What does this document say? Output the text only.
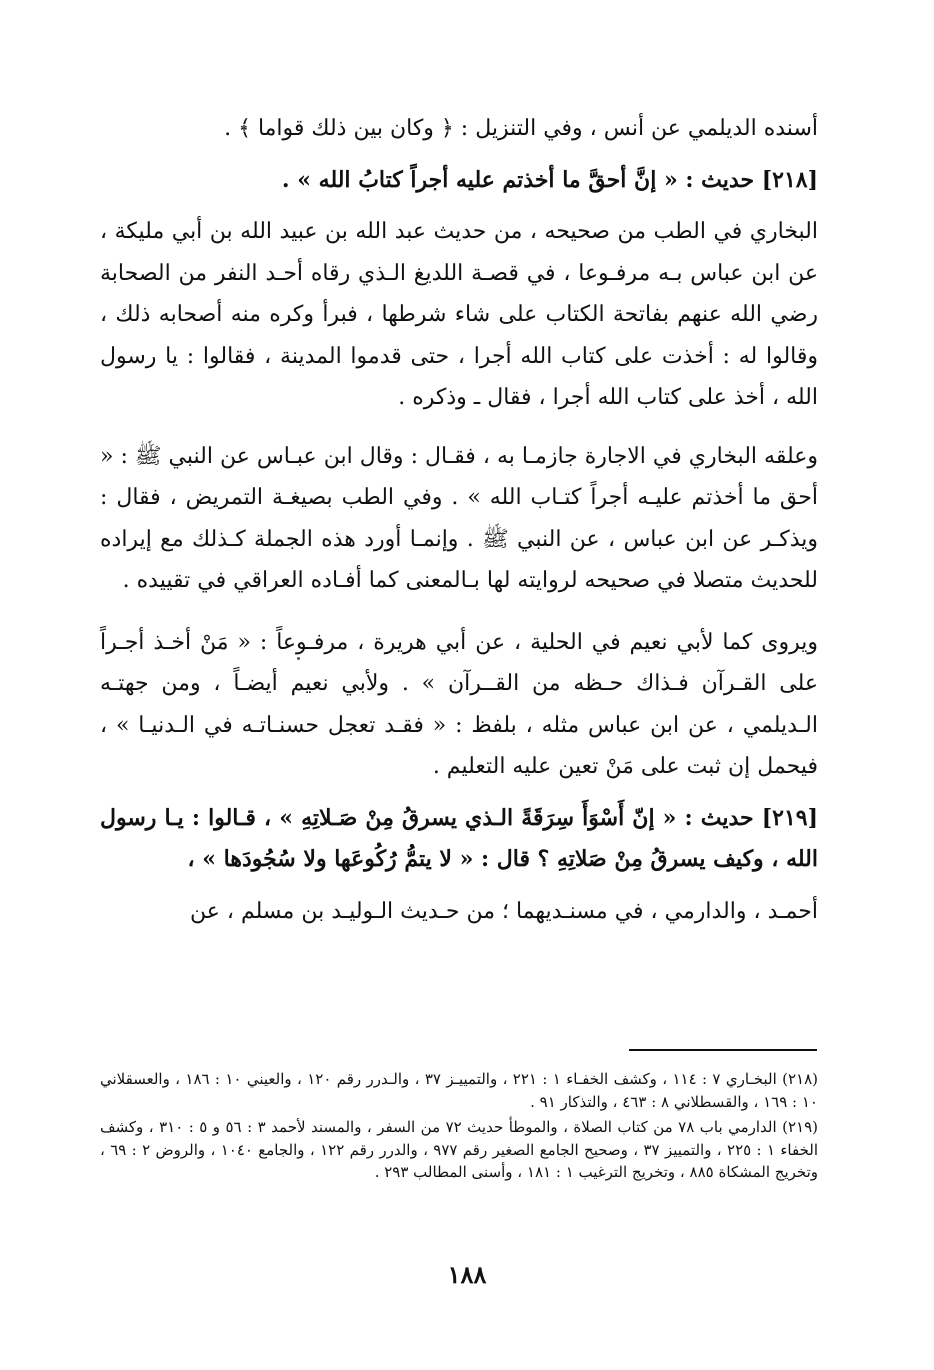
أسنده الديلمي عن أنس ، وفي التنزيل : ﴿ وكان بين ذلك قواما ﴾ .

[٢١٨] حديث : « إنَّ أحقَّ ما أخذتم عليه أجراً كتابُ الله » .

البخاري في الطب من صحيحه ، من حديث عبد الله بن عبيد الله بن أبي مليكة ، عن ابن عباس بـه مرفـوعا ، في قصـة اللديغ الـذي رقاه أحـد النفر من الصحابة رضي الله عنهم بفاتحة الكتاب على شاء شرطها ، فبرأ وكره منه أصحابه ذلك ، وقالوا له : أخذت على كتاب الله أجرا ، حتى قدموا المدينة ، فقالوا : يا رسول الله ، أخذ على كتاب الله أجرا ، فقال ـ وذكره .

وعلقه البخاري في الاجارة جازمـا به ، فقـال : وقال ابن عبـاس عن النبي ﷺ : « أحق ما أخذتم عليـه أجراً كتـاب الله » . وفي الطب بصيغـة التمريض ، فقال : ويذكـر عن ابن عباس ، عن النبي ﷺ . وإنمـا أورد هذه الجملة كـذلك مع إيراده للحديث متصلا في صحيحه لروايته لها بـالمعنى كما أفـاده العراقي في تقييده .

ويروى كما لأبي نعيم في الحلية ، عن أبي هريرة ، مرفـوعاً : « مَنْ أخـذ أجـراً على القـرآن فـذاك حـظه من القــرآن » . ولأبي نعيم أيضـاً ، ومن جهتـه الـديلمي ، عن ابن عباس مثله ، بلفظ : « فقـد تعجل حسنـاتـه في الـدنيـا » ، فيحمل إن ثبت على مَنْ تعين عليه التعليم .

[٢١٩] حديث : « إنّ أَسْوَأَ سِرَقَةً الـذي يسرقُ مِنْ صَـلاتِهِ » ، قـالوا : يـا رسول الله ، وكيف يسرقُ مِنْ صَلاتِهِ ؟ قال : « لا يتمُّ رُكُوعَها ولا سُجُودَها » ،

أحمـد ، والدارمي ، في مسنـديهما ؛ من حـديث الـوليـد بن مسلم ، عن

(٢١٨) البخـاري ٧ : ١١٤ ، وكشف الخفـاء ١ : ٢٢١ ، والتمييـز ٣٧ ، والـدرر رقم ١٢٠ ، والعيني ١٠ : ١٨٦ ، والعسقلاني ١٠ : ١٦٩ ، والقسطلاني ٨ : ٤٦٣ ، والتذكار ٩١ .

(٢١٩) الدارمي باب ٧٨ من كتاب الصلاة ، والموطأ حديث ٧٢ من السفر ، والمسند لأحمد ٣ : ٥٦ و ٥ : ٣١٠ ، وكشف الخفاء ١ : ٢٢٥ ، والتمييز ٣٧ ، وصحيح الجامع الصغير رقم ٩٧٧ ، والدرر رقم ١٢٢ ، والجامع ١٠٤٠ ، والروض ٢ : ٦٩ ، وتخريج المشكاة ٨٨٥ ، وتخريج الترغيب ١ : ١٨١ ، وأسنى المطالب ٢٩٣ .

١٨٨
